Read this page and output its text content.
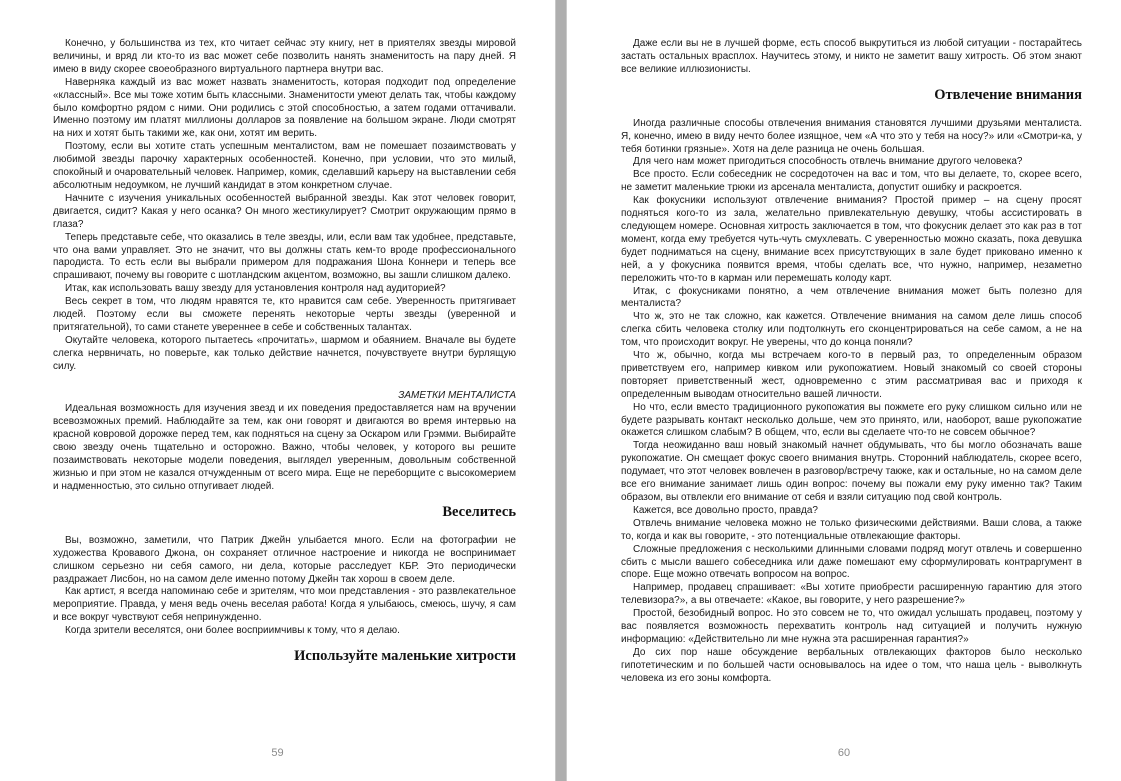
Конечно, у большинства из тех, кто читает сейчас эту книгу, нет в приятелях звезды мировой величины, и вряд ли кто-то из вас может себе позволить нанять знаменитость на пару дней. Я имею в виду скорее своеобразного виртуального партнера внутри вас.

Наверняка каждый из вас может назвать знаменитость, которая подходит под определение «классный». Все мы тоже хотим быть классными. Знаменитости умеют делать так, чтобы каждому было комфортно рядом с ними. Они родились с этой способностью, а затем годами оттачивали. Именно поэтому им платят миллионы долларов за появление на большом экране. Люди смотрят на них и хотят быть такими же, как они, хотят им верить.

Поэтому, если вы хотите стать успешным менталистом, вам не помешает позаимствовать у любимой звезды парочку характерных особенностей. Конечно, при условии, что это милый, спокойный и очаровательный человек. Например, комик, сделавший карьеру на выставлении себя абсолютным недоумком, не лучший кандидат в этом конкретном случае.

Начните с изучения уникальных особенностей выбранной звезды. Как этот человек говорит, двигается, сидит? Какая у него осанка? Он много жестикулирует? Смотрит окружающим прямо в глаза?

Теперь представьте себе, что оказались в теле звезды, или, если вам так удобнее, представьте, что она вами управляет. Это не значит, что вы должны стать кем-то вроде профессионального пародиста. То есть если вы выбрали примером для подражания Шона Коннери и теперь все спрашивают, почему вы говорите с шотландским акцентом, возможно, вы зашли слишком далеко.

Итак, как использовать вашу звезду для установления контроля над аудиторией?

Весь секрет в том, что людям нравятся те, кто нравится сам себе. Уверенность притягивает людей. Поэтому если вы сможете перенять некоторые черты звезды (уверенной и притягательной), то сами станете увереннее в себе и собственных талантах.

Окутайте человека, которого пытаетесь «прочитать», шармом и обаянием. Вначале вы будете слегка нервничать, но поверьте, как только действие начнется, почувствуете внутри бурлящую силу.

ЗАМЕТКИ МЕНТАЛИСТА

Идеальная возможность для изучения звезд и их поведения предоставляется нам на вручении всевозможных премий. Наблюдайте за тем, как они говорят и двигаются во время интервью на красной ковровой дорожке перед тем, как подняться на сцену за Оскаром или Грэмми. Выбирайте свою звезду очень тщательно и осторожно. Важно, чтобы человек, у которого вы решите позаимствовать некоторые модели поведения, выглядел уверенным, довольным собственной жизнью и при этом не казался отчужденным от всего мира. Еще не переборщите с высокомерием и надменностью, это сильно отпугивает людей.

Веселитесь

Вы, возможно, заметили, что Патрик Джейн улыбается много. Если на фотографии не художества Кровавого Джона, он сохраняет отличное настроение и никогда не воспринимает слишком серьезно ни себя самого, ни дела, которые расследует КБР. Это периодически раздражает Лисбон, но на самом деле именно потому Джейн так хорош в своем деле.

Как артист, я всегда напоминаю себе и зрителям, что мои представления - это развлекательное мероприятие. Правда, у меня ведь очень веселая работа! Когда я улыбаюсь, смеюсь, шучу, я сам и все вокруг чувствуют себя непринужденно.

Когда зрители веселятся, они более восприимчивы к тому, что я делаю.

Используйте маленькие хитрости
59

Даже если вы не в лучшей форме, есть способ выкрутиться из любой ситуации - постарайтесь застать остальных врасплох. Научитесь этому, и никто не заметит вашу хитрость. Об этом знают все великие иллюзионисты.

Отвлечение внимания

Иногда различные способы отвлечения внимания становятся лучшими друзьями менталиста. Я, конечно, имею в виду нечто более изящное, чем «А что это у тебя на носу?» или «Смотри-ка, у тебя ботинки грязные». Хотя на деле разница не очень большая.

Для чего нам может пригодиться способность отвлечь внимание другого человека?

Все просто. Если собеседник не сосредоточен на вас и том, что вы делаете, то, скорее всего, не заметит маленькие трюки из арсенала менталиста, допустит ошибку и раскроется.

Как фокусники используют отвлечение внимания? Простой пример – на сцену просят подняться кого-то из зала, желательно привлекательную девушку, чтобы ассистировать в следующем номере. Основная хитрость заключается в том, что фокусник делает это как раз в тот момент, когда ему требуется чуть-чуть смухлевать. С уверенностью можно сказать, пока девушка будет подниматься на сцену, внимание всех присутствующих в зале будет приковано именно к ней, а у фокусника появится время, чтобы сделать все, что нужно, например, незаметно переложить что-то в карман или перемешать колоду карт.

Итак, с фокусниками понятно, а чем отвлечение внимания может быть полезно для менталиста?

Что ж, это не так сложно, как кажется. Отвлечение внимания на самом деле лишь способ слегка сбить человека столку или подтолкнуть его сконцентрироваться на себе самом, а не на том, что происходит вокруг. Не уверены, что до конца поняли?

Что ж, обычно, когда мы встречаем кого-то в первый раз, то определенным образом приветствуем его, например кивком или рукопожатием. Новый знакомый со своей стороны повторяет приветственный жест, одновременно с этим рассматривая вас и приходя к определенным выводам относительно вашей личности.

Но что, если вместо традиционного рукопожатия вы пожмете его руку слишком сильно или не будете разрывать контакт несколько дольше, чем это принято, или, наоборот, ваше рукопожатие окажется слишком слабым? В общем, что, если вы сделаете что-то не совсем обычное?

Тогда неожиданно ваш новый знакомый начнет обдумывать, что бы могло обозначать ваше рукопожатие. Он смещает фокус своего внимания внутрь. Сторонний наблюдатель, скорее всего, подумает, что этот человек вовлечен в разговор/встречу также, как и остальные, но на самом деле все его внимание занимает лишь один вопрос: почему вы пожали ему руку именно так? Таким образом, вы отвлекли его внимание от себя и взяли ситуацию под свой контроль.

Кажется, все довольно просто, правда?

Отвлечь внимание человека можно не только физическими действиями. Ваши слова, а также то, когда и как вы говорите, - это потенциальные отвлекающие факторы.

Сложные предложения с несколькими длинными словами подряд могут отвлечь и совершенно сбить с мысли вашего собеседника или даже помешают ему сформулировать контраргумент в споре. Еще можно отвечать вопросом на вопрос.

Например, продавец спрашивает: «Вы хотите приобрести расширенную гарантию для этого телевизора?», а вы отвечаете: «Какое, вы говорите, у него разрешение?»

Простой, безобидный вопрос. Но это совсем не то, что ожидал услышать продавец, поэтому у вас появляется возможность перехватить контроль над ситуацией и получить нужную информацию: «Действительно ли мне нужна эта расширенная гарантия?»

До сих пор наше обсуждение вербальных отвлекающих факторов было несколько гипотетическим и по большей части основывалось на идее о том, что наша цель - выволкнуть человека из его зоны комфорта.

60
